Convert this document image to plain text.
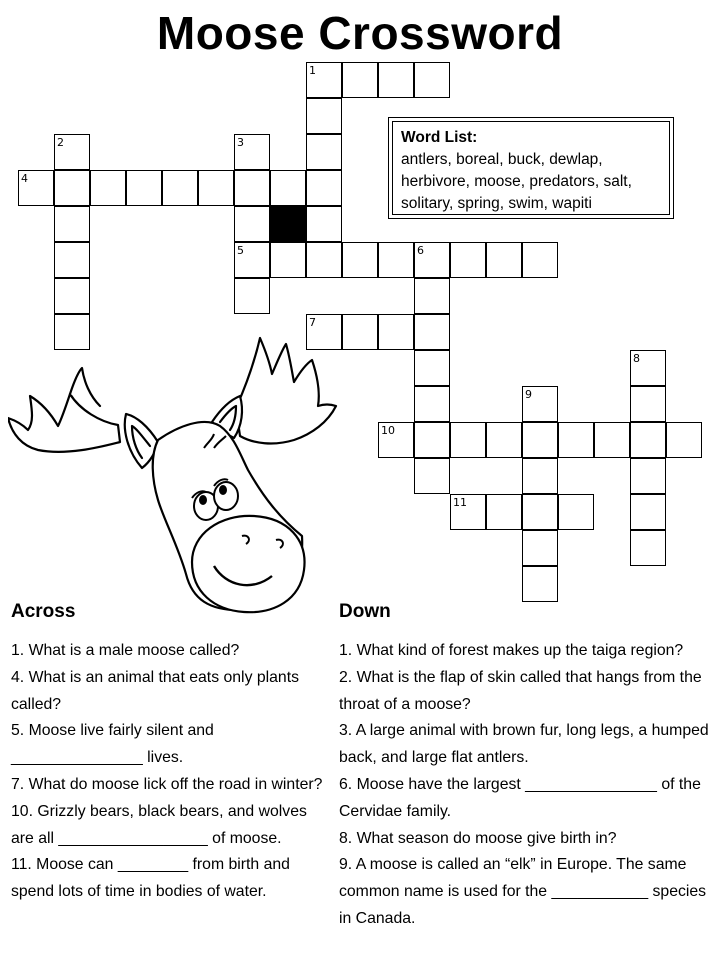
Moose Crossword
1
2	3
4
5	6
7
8
9
10
11
Word List:
antlers, boreal, buck, dewlap, herbivore, moose, predators, salt, solitary, spring, swim, wapiti
Across
1. What is a male moose called?
4. What is an animal that eats only plants called?
5. Moose live fairly silent and _______________ lives.
7. What do moose lick off the road in winter?
10. Grizzly bears, black bears, and wolves are all _________________ of moose.
11. Moose can ________ from birth and spend lots of time in bodies of water.
Down
1. What kind of forest makes up the taiga region?
2. What is the flap of skin called that hangs from the throat of a moose?
3. A large animal with brown fur, long legs, a humped back, and large flat antlers.
6. Moose have the largest _______________ of the Cervidae family.
8. What season do moose give birth in?
9. A moose is called an “elk” in Europe. The same common name is used for the ___________ species in Canada.
